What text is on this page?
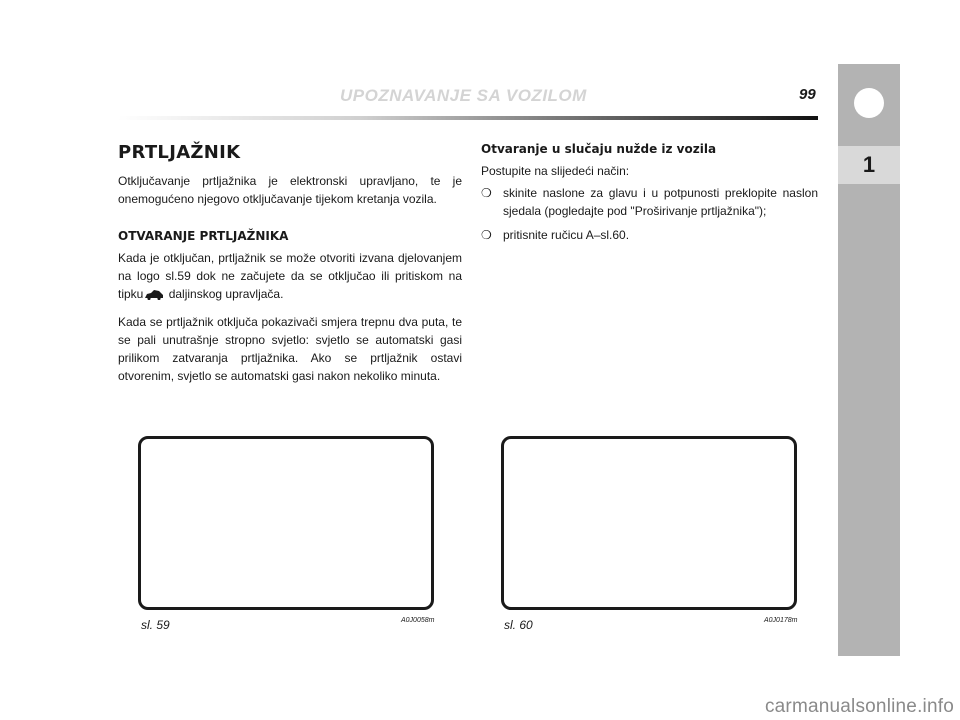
UPOZNAVANJE SA VOZILOM	99
1
PRTLJAŽNIK

Otključavanje prtljažnika je elektronski upravljano, te je onemogućeno njegovo otključavanje tijekom kretanja vozila.

OTVARANJE PRTLJAŽNIKA

Kada je otključan, prtljažnik se može otvoriti izvana djelovanjem na logo sl.59 dok ne začujete da se otključao ili pritiskom na tipku daljinskog upravljača.

Kada se prtljažnik otključa pokazivači smjera trepnu dva puta, te se pali unutrašnje stropno svjetlo: svjetlo se automatski gasi prilikom zatvaranja prtljažnika. Ako se prtljažnik ostavi otvorenim, svjetlo se automatski gasi nakon nekoliko minuta.

Otvaranje u slučaju nužde iz vozila

Postupite na slijedeći način:

❍ skinite naslone za glavu i u potpunosti preklopite naslon sjedala (pogledajte pod "Proširivanje prtljažnika");
❍ pritisnite ručicu A–sl.60.
sl. 59	A0J0058m	sl. 60	A0J0178m
carmanualsonline.info
